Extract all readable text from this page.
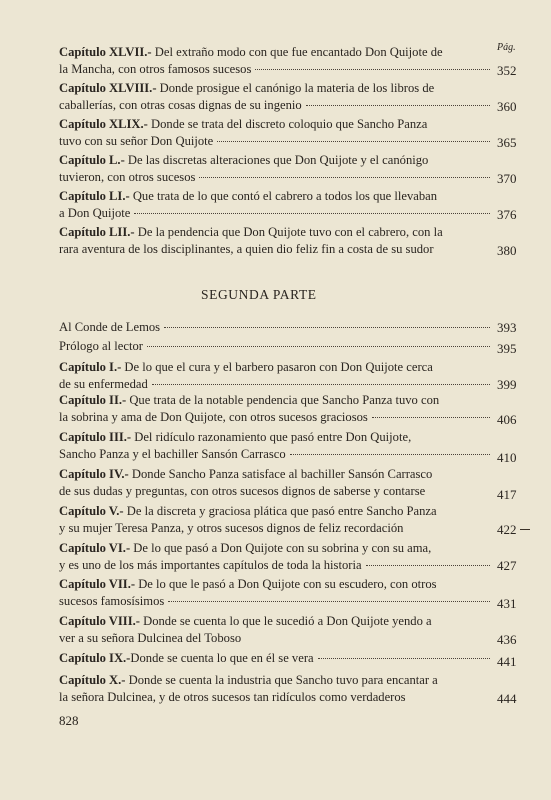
Pág.
Capítulo XLVII.- Del extraño modo con que fue encantado Don Quijote de
la Mancha, con otros famosos sucesos	352
Capítulo XLVIII.- Donde prosigue el canónigo la materia de los libros de
caballerías, con otras cosas dignas de su ingenio	360
Capítulo XLIX.- Donde se trata del discreto coloquio que Sancho Panza
tuvo con su señor Don Quijote	365
Capítulo L.- De las discretas alteraciones que Don Quijote y el canónigo
tuvieron, con otros sucesos	370
Capítulo LI.- Que trata de lo que contó el cabrero a todos los que llevaban
a Don Quijote	376
Capítulo LII.- De la pendencia que Don Quijote tuvo con el cabrero, con la
rara aventura de los disciplinantes, a quien dio feliz fin a costa de su sudor	380
SEGUNDA PARTE
Al Conde de Lemos	393
Prólogo al lector	395
Capítulo I.- De lo que el cura y el barbero pasaron con Don Quijote cerca
de su enfermedad	399
Capítulo II.- Que trata de la notable pendencia que Sancho Panza tuvo con
la sobrina y ama de Don Quijote, con otros sucesos graciosos	406
Capítulo III.- Del ridículo razonamiento que pasó entre Don Quijote,
Sancho Panza y el bachiller Sansón Carrasco	410
Capítulo IV.- Donde Sancho Panza satisface al bachiller Sansón Carrasco
de sus dudas y preguntas, con otros sucesos dignos de saberse y contarse	417
Capítulo V.- De la discreta y graciosa plática que pasó entre Sancho Panza
y su mujer Teresa Panza, y otros sucesos dignos de feliz recordación	422
Capítulo VI.- De lo que pasó a Don Quijote con su sobrina y con su ama,
y es uno de los más importantes capítulos de toda la historia	427
Capítulo VII.- De lo que le pasó a Don Quijote con su escudero, con otros
sucesos famosísimos	431
Capítulo VIII.- Donde se cuenta lo que le sucedió a Don Quijote yendo a
ver a su señora Dulcinea del Toboso	436
Capítulo IX.- Donde se cuenta lo que en él se vera	441
Capítulo X.- Donde se cuenta la industria que Sancho tuvo para encantar a
la señora Dulcinea, y de otros sucesos tan ridículos como verdaderos	444
828
